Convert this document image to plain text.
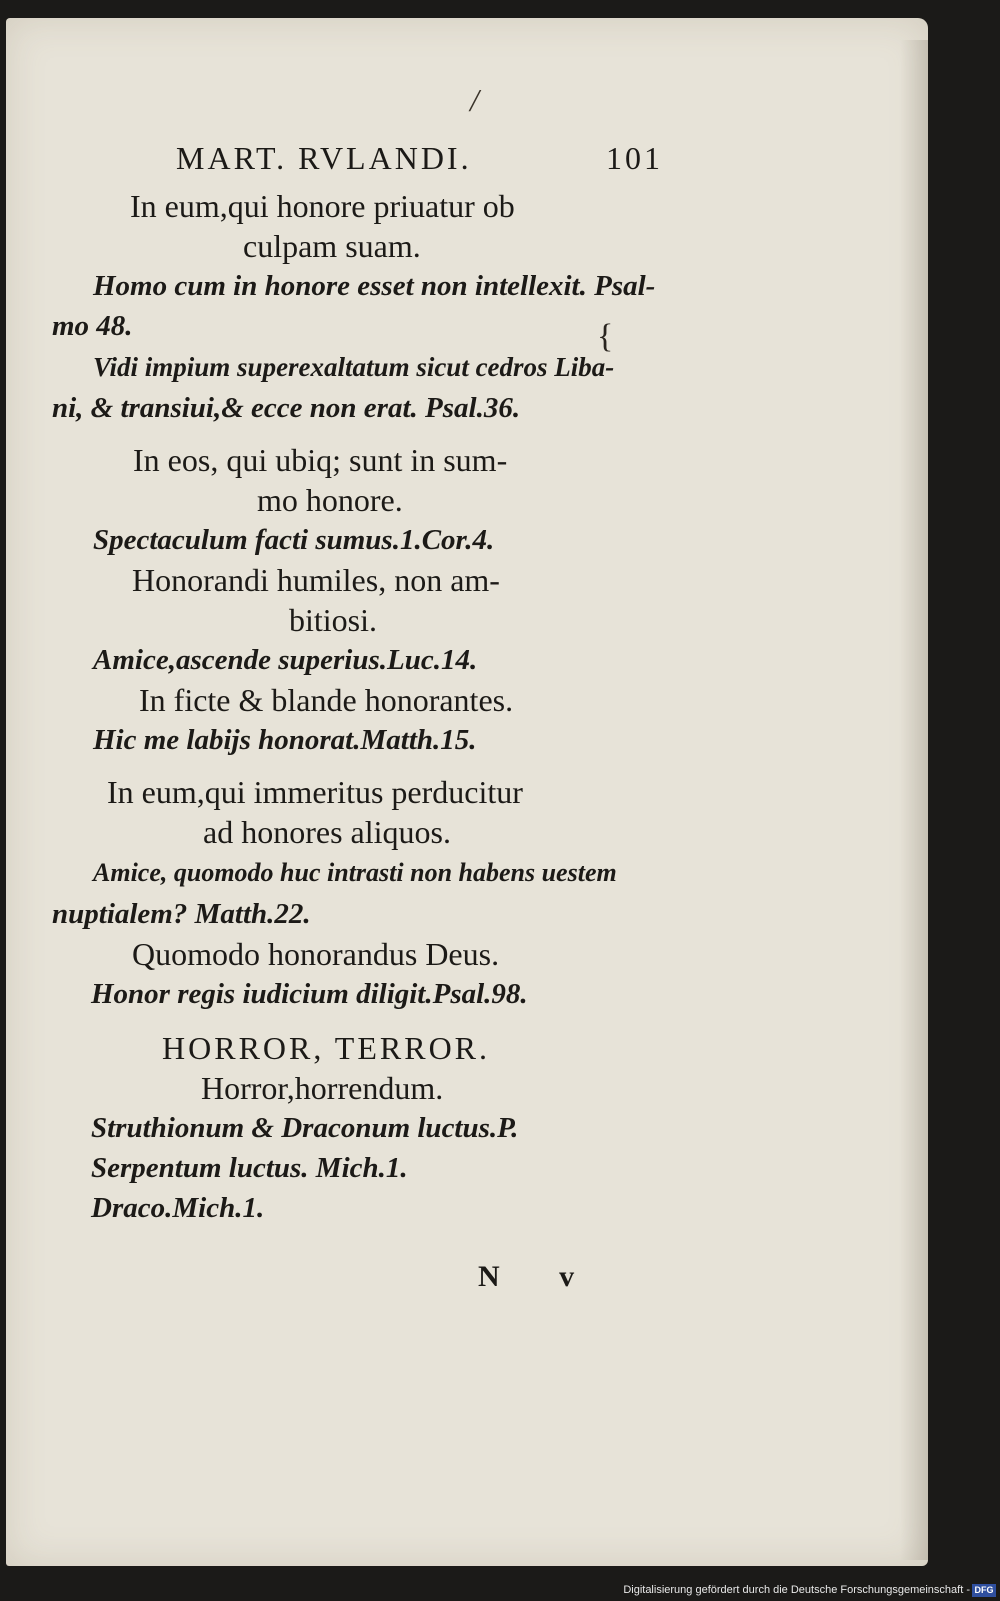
/
MART. RVLANDI.	101
In eum,qui honore priuatur ob
culpam suam.
Homo cum in honore esset non intellexit. Psal-
mo 48.	{
Vidi impium superexaltatum sicut cedros Liba-
ni, & transiui,& ecce non erat. Psal.36.
In eos, qui ubiq; sunt in sum-
mo honore.
Spectaculum facti sumus.1.Cor.4.
Honorandi humiles, non am-
bitiosi.
Amice,ascende superius.Luc.14.
In ficte & blande honorantes.
Hic me labijs honorat.Matth.15.
In eum,qui immeritus perducitur
ad honores aliquos.
Amice, quomodo huc intrasti non habens uestem
nuptialem? Matth.22.
Quomodo honorandus Deus.
Honor regis iudicium diligit.Psal.98.
HORROR, TERROR.
Horror,horrendum.
Struthionum & Draconum luctus.P.
Serpentum luctus. Mich.1.
Draco.Mich.1.
N v
Digitalisierung gefördert durch die Deutsche Forschungsgemeinschaft - DFG
